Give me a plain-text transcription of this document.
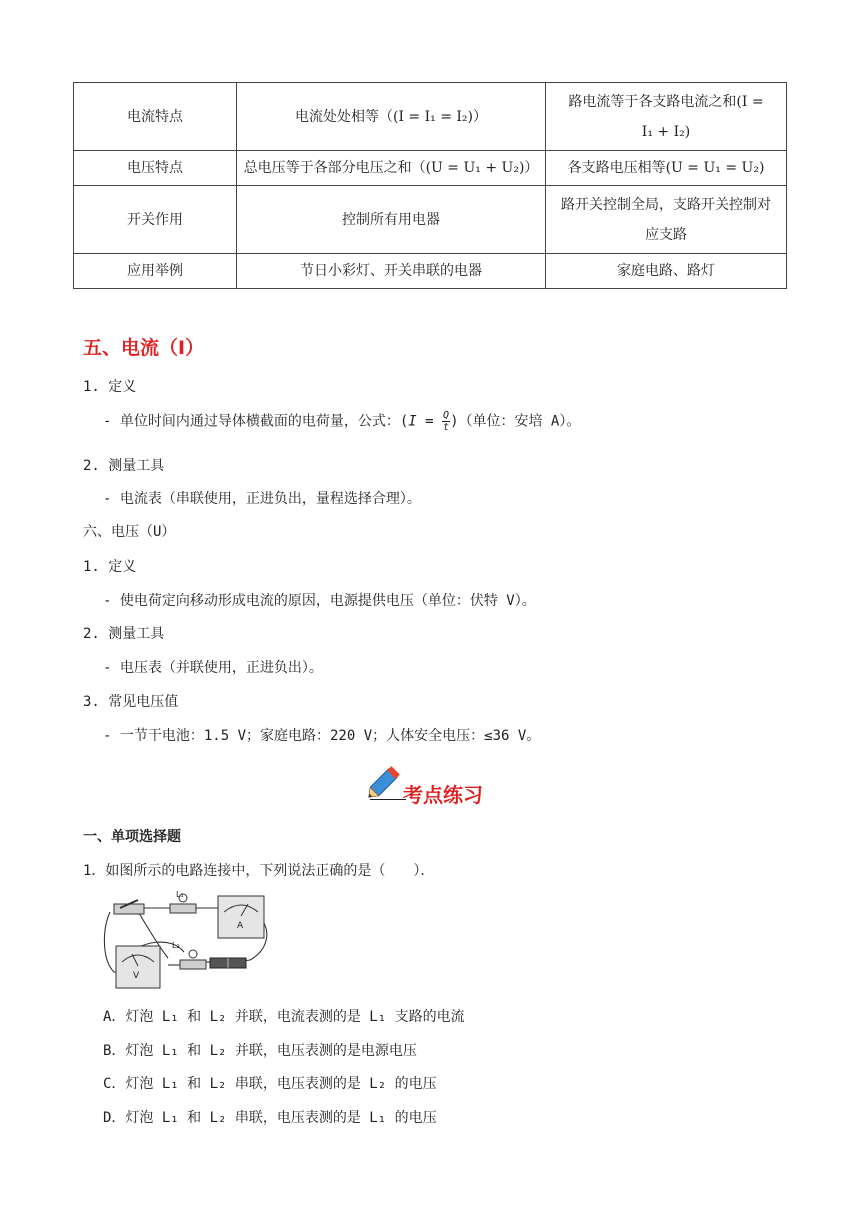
电流特点	电流处处相等（(I = I₁ = I₂)）	路电流等于各支路电流之和(I =
I₁ + I₂)

电压特点	总电压等于各部分电压之和（(U = U₁ + U₂)）	各支路电压相等(U = U₁ = U₂)
开关作用	控制所有用电器	路开关控制全局，支路开关控制对
应支路

应用举例	节日小彩灯、开关串联的电器	家庭电路、路灯
五、电流（I）
1. 定义
- 单位时间内通过导体横截面的电荷量，公式：($I = \frac{Q}{t}$ )（单位：安培 A）。
2. 测量工具
- 电流表（串联使用，正进负出，量程选择合理）。
六、电压（U）
1. 定义
- 使电荷定向移动形成电流的原因，电源提供电压（单位：伏特 V）。
2. 测量工具
- 电压表（并联使用，正进负出）。
3. 常见电压值
- 一节干电池：1.5 V；家庭电路：220 V；人体安全电压：≤36 V。
考点练习
一、单项选择题
1．如图所示的电路连接中，下列说法正确的是（　　）．
L₁
A
V
L₂
A．灯泡 L₁ 和 L₂ 并联，电流表测的是 L₁ 支路的电流
B．灯泡 L₁ 和 L₂ 并联，电压表测的是电源电压
C．灯泡 L₁ 和 L₂ 串联，电压表测的是 L₂ 的电压
D．灯泡 L₁ 和 L₂ 串联，电压表测的是 L₁ 的电压
